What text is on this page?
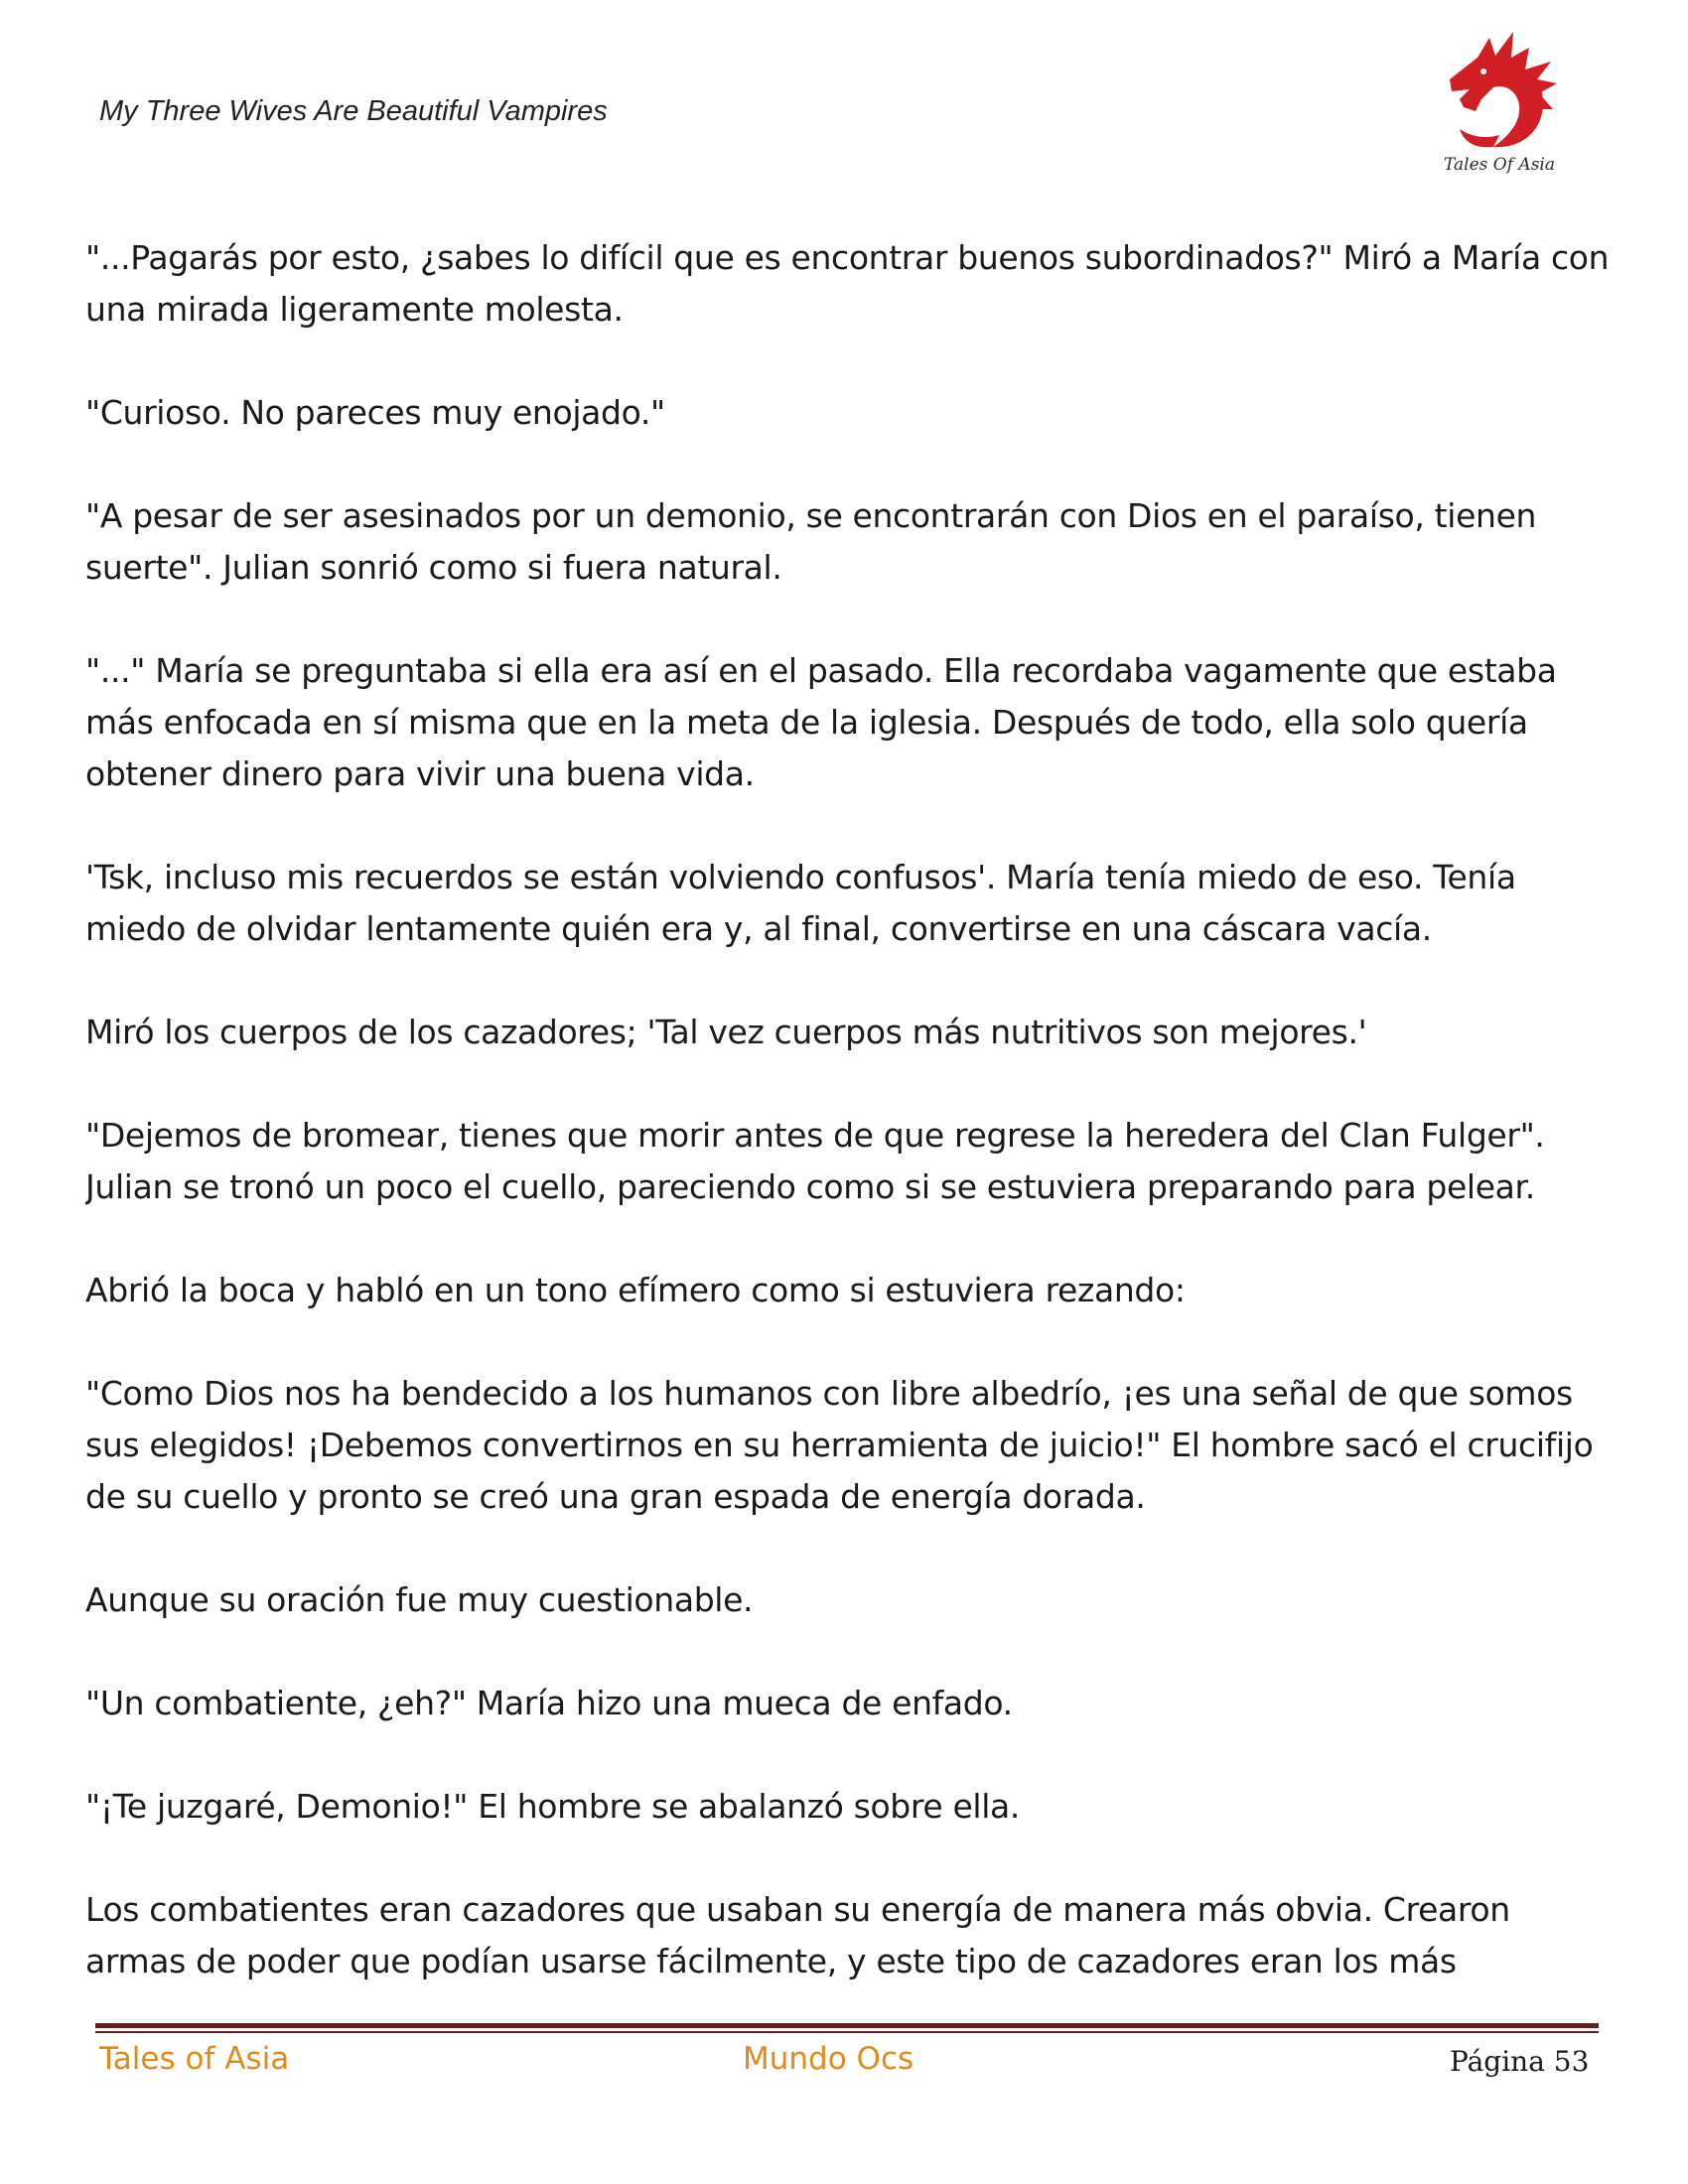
My Three Wives Are Beautiful Vampires
Tales Of Asia

"...Pagarás por esto, ¿sabes lo difícil que es encontrar buenos subordinados?" Miró a María con una mirada ligeramente molesta.

"Curioso. No pareces muy enojado."

"A pesar de ser asesinados por un demonio, se encontrarán con Dios en el paraíso, tienen suerte". Julian sonrió como si fuera natural.

"..." María se preguntaba si ella era así en el pasado. Ella recordaba vagamente que estaba más enfocada en sí misma que en la meta de la iglesia. Después de todo, ella solo quería obtener dinero para vivir una buena vida.

'Tsk, incluso mis recuerdos se están volviendo confusos'. María tenía miedo de eso. Tenía miedo de olvidar lentamente quién era y, al final, convertirse en una cáscara vacía.

Miró los cuerpos de los cazadores; 'Tal vez cuerpos más nutritivos son mejores.'

"Dejemos de bromear, tienes que morir antes de que regrese la heredera del Clan Fulger". Julian se tronó un poco el cuello, pareciendo como si se estuviera preparando para pelear.

Abrió la boca y habló en un tono efímero como si estuviera rezando:

"Como Dios nos ha bendecido a los humanos con libre albedrío, ¡es una señal de que somos sus elegidos! ¡Debemos convertirnos en su herramienta de juicio!" El hombre sacó el crucifijo de su cuello y pronto se creó una gran espada de energía dorada.

Aunque su oración fue muy cuestionable.

"Un combatiente, ¿eh?" María hizo una mueca de enfado.

"¡Te juzgaré, Demonio!" El hombre se abalanzó sobre ella.

Los combatientes eran cazadores que usaban su energía de manera más obvia. Crearon armas de poder que podían usarse fácilmente, y este tipo de cazadores eran los más

Tales of Asia	Mundo Ocs	Página 53
